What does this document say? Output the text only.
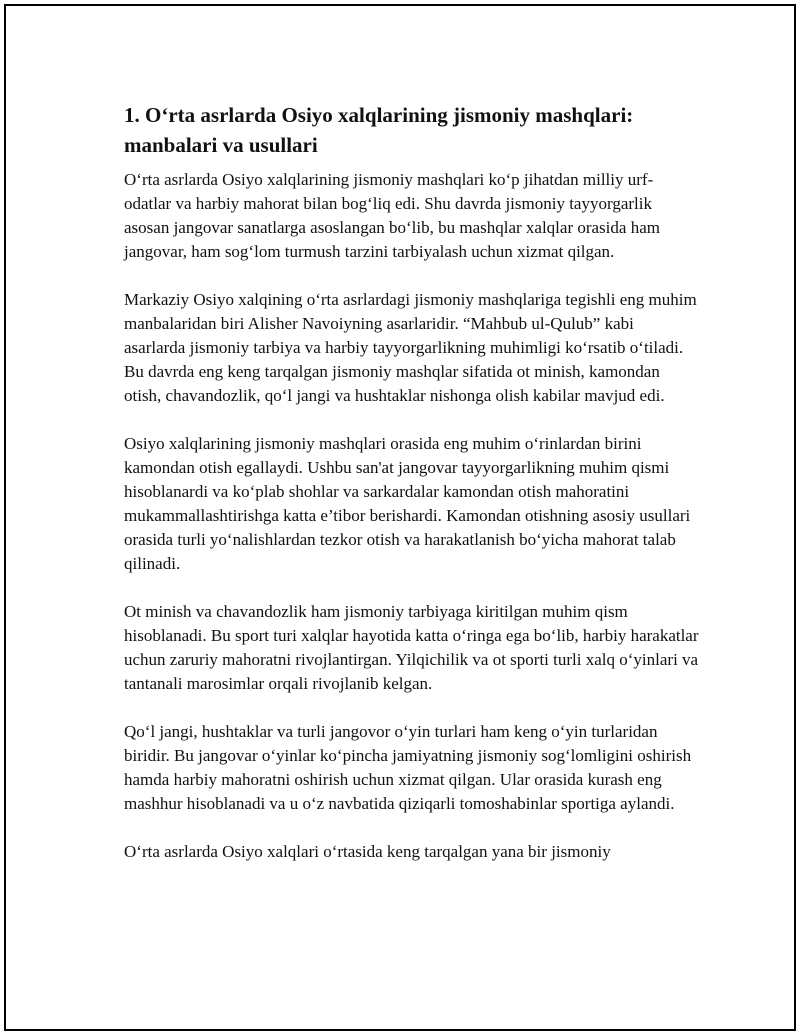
1. O‘rta asrlarda Osiyo xalqlarining jismoniy mashqlari: manbalari va usullari

O‘rta asrlarda Osiyo xalqlarining jismoniy mashqlari ko‘p jihatdan milliy urf-odatlar va harbiy mahorat bilan bog‘liq edi. Shu davrda jismoniy tayyorgarlik asosan jangovar sanatlarga asoslangan bo‘lib, bu mashqlar xalqlar orasida ham jangovar, ham sog‘lom turmush tarzini tarbiyalash uchun xizmat qilgan.

Markaziy Osiyo xalqining o‘rta asrlardagi jismoniy mashqlariga tegishli eng muhim manbalaridan biri Alisher Navoiyning asarlaridir. “Mahbub ul-Qulub” kabi asarlarda jismoniy tarbiya va harbiy tayyorgarlikning muhimligi ko‘rsatib o‘tiladi. Bu davrda eng keng tarqalgan jismoniy mashqlar sifatida ot minish, kamondan otish, chavandozlik, qo‘l jangi va hushtaklar nishonga olish kabilar mavjud edi.

Osiyo xalqlarining jismoniy mashqlari orasida eng muhim o‘rinlardan birini kamondan otish egallaydi. Ushbu san'at jangovar tayyorgarlikning muhim qismi hisoblanardi va ko‘plab shohlar va sarkardalar kamondan otish mahoratini mukammallashtirishga katta e’tibor berishardi. Kamondan otishning asosiy usullari orasida turli yo‘nalishlardan tezkor otish va harakatlanish bo‘yicha mahorat talab qilinadi.

Ot minish va chavandozlik ham jismoniy tarbiyaga kiritilgan muhim qism hisoblanadi. Bu sport turi xalqlar hayotida katta o‘ringa ega bo‘lib, harbiy harakatlar uchun zaruriy mahoratni rivojlantirgan. Yilqichilik va ot sporti turli xalq o‘yinlari va tantanali marosimlar orqali rivojlanib kelgan.

Qo‘l jangi, hushtaklar va turli jangovor o‘yin turlari ham keng o‘yin turlaridan biridir. Bu jangovar o‘yinlar ko‘pincha jamiyatning jismoniy sog‘lomligini oshirish hamda harbiy mahoratni oshirish uchun xizmat qilgan. Ular orasida kurash eng mashhur hisoblanadi va u o‘z navbatida qiziqarli tomoshabinlar sportiga aylandi.

O‘rta asrlarda Osiyo xalqlari o‘rtasida keng tarqalgan yana bir jismoniy
